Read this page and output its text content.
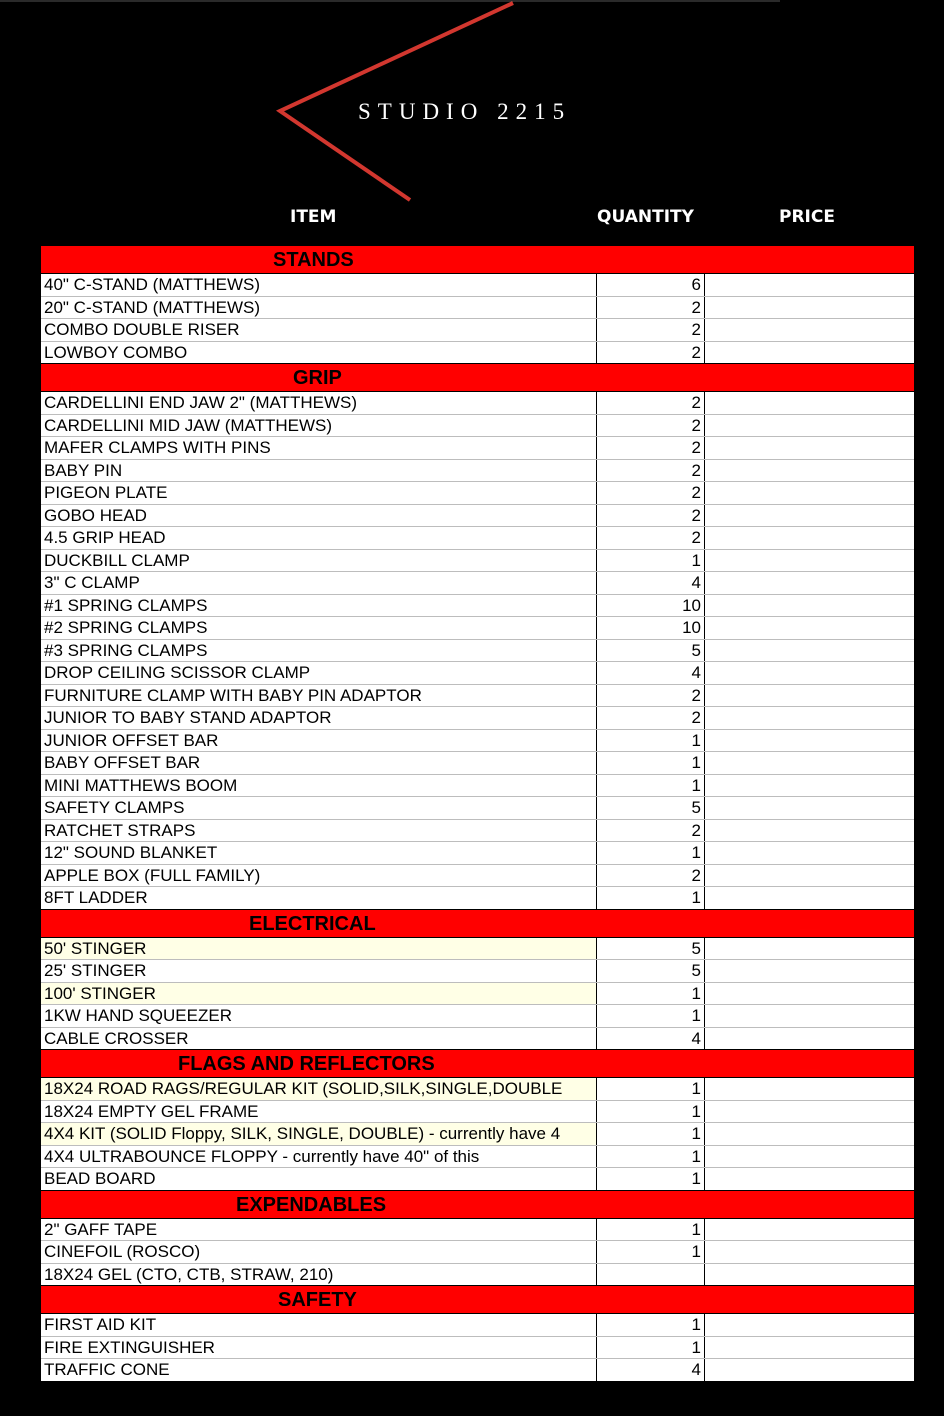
STUDIO 2215
ITEM	QUANTITY	PRICE
STANDS
40" C-STAND (MATTHEWS)	6
20" C-STAND (MATTHEWS)	2
COMBO DOUBLE RISER	2
LOWBOY COMBO	2
GRIP
CARDELLINI END JAW 2" (MATTHEWS)	2
CARDELLINI MID JAW (MATTHEWS)	2
MAFER CLAMPS WITH PINS	2
BABY PIN	2
PIGEON PLATE	2
GOBO HEAD	2
4.5 GRIP HEAD	2
DUCKBILL CLAMP	1
3" C CLAMP	4
#1 SPRING CLAMPS	10
#2 SPRING CLAMPS	10
#3 SPRING CLAMPS	5
DROP CEILING SCISSOR CLAMP	4
FURNITURE CLAMP WITH BABY PIN ADAPTOR	2
JUNIOR TO BABY STAND ADAPTOR	2
JUNIOR OFFSET BAR	1
BABY OFFSET BAR	1
MINI MATTHEWS BOOM	1
SAFETY CLAMPS	5
RATCHET STRAPS	2
12" SOUND BLANKET	1
APPLE BOX (FULL FAMILY)	2
8FT LADDER	1
ELECTRICAL
50' STINGER	5
25' STINGER	5
100' STINGER	1
1KW HAND SQUEEZER	1
CABLE CROSSER	4
FLAGS AND REFLECTORS
18X24 ROAD RAGS/REGULAR KIT (SOLID,SILK,SINGLE,DOUBLE	1
18X24 EMPTY GEL FRAME	1
4X4 KIT (SOLID Floppy, SILK, SINGLE, DOUBLE) - currently have 4	1
4X4 ULTRABOUNCE FLOPPY - currently have 40" of this	1
BEAD BOARD	1
EXPENDABLES
2" GAFF TAPE	1
CINEFOIL (ROSCO)	1
18X24 GEL (CTO, CTB, STRAW, 210)
SAFETY
FIRST AID KIT	1
FIRE EXTINGUISHER	1
TRAFFIC CONE	4
